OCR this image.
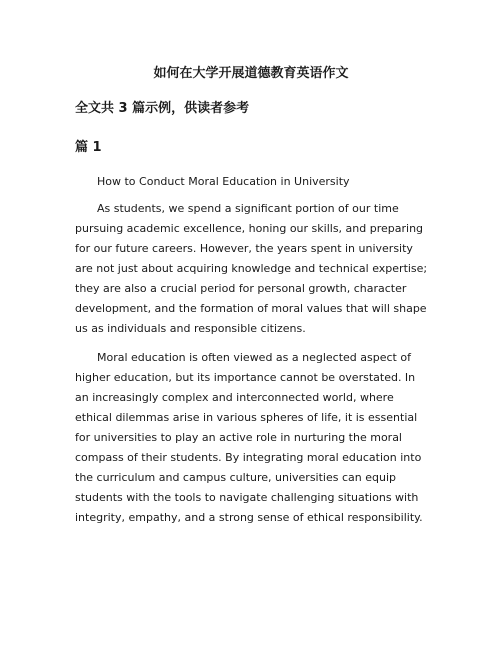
如何在大学开展道德教育英语作文
全文共 3 篇示例，供读者参考
篇 1

How to Conduct Moral Education in University

As students, we spend a significant portion of our time pursuing academic excellence, honing our skills, and preparing for our future careers. However, the years spent in university are not just about acquiring knowledge and technical expertise; they are also a crucial period for personal growth, character development, and the formation of moral values that will shape us as individuals and responsible citizens.

Moral education is often viewed as a neglected aspect of higher education, but its importance cannot be overstated. In an increasingly complex and interconnected world, where ethical dilemmas arise in various spheres of life, it is essential for universities to play an active role in nurturing the moral compass of their students. By integrating moral education into the curriculum and campus culture, universities can equip students with the tools to navigate challenging situations with integrity, empathy, and a strong sense of ethical responsibility.
